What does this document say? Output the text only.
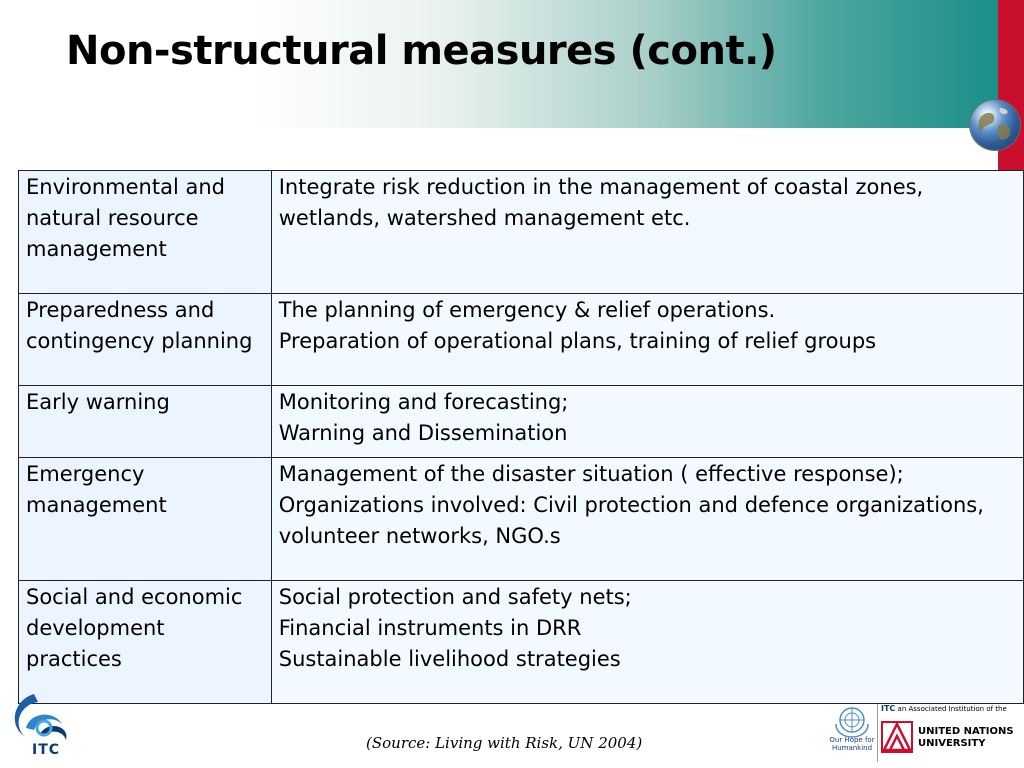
Non-structural measures (cont.)
Environmental and natural resource management	Integrate risk reduction in the management of coastal zones, wetlands, watershed management etc.

Preparedness and contingency planning	The planning of emergency & relief operations.
Preparation of operational plans, training of relief groups

Early warning	Monitoring and forecasting;
Warning and Dissemination

Emergency management	Management of the disaster situation ( effective response);
Organizations involved: Civil protection and defence organizations, volunteer networks, NGO.s

Social and economic development practices	Social protection and safety nets;
Financial instruments in DRR
Sustainable livelihood strategies
ITC	(Source: Living with Risk, UN 2004)	Our Hope for Humankind
ITC an Associated Institution of the
UNITED NATIONS
UNIVERSITY
